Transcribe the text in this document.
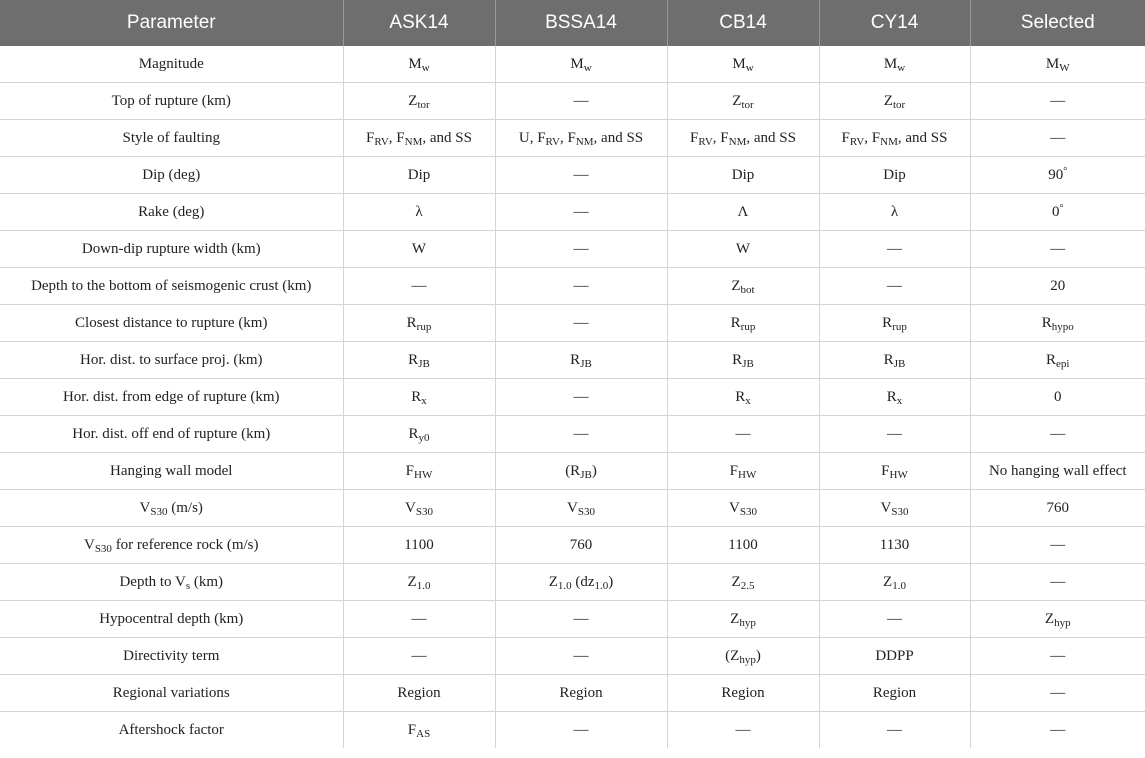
Parameter	ASK14	BSSA14	CB14	CY14	Selected
Magnitude	$M_w$	$M_w$	$M_w$	$M_w$	$M_W$
Top of rupture (km)	$Z_{tor}$	—	$Z_{tor}$	$Z_{tor}$	—
Style of faulting	$F_{RV}$, $F_{NM}$, and SS	U, $F_{RV}$, $F_{NM}$, and SS	$F_{RV}$, $F_{NM}$, and SS	$F_{RV}$, $F_{NM}$, and SS	—
Dip (deg)	Dip	—	Dip	Dip	90°
Rake (deg)	λ	—	Λ	λ	0°
Down-dip rupture width (km)	W	—	W	—	—
Depth to the bottom of seismogenic crust (km)	—	—	$Z_{bot}$	—	20
Closest distance to rupture (km)	$R_{rup}$	—	$R_{rup}$	$R_{rup}$	$R_{hypo}$
Hor. dist. to surface proj. (km)	$R_{JB}$	$R_{JB}$	$R_{JB}$	$R_{JB}$	$R_{epi}$
Hor. dist. from edge of rupture (km)	$R_x$	—	$R_x$	$R_x$	0
Hor. dist. off end of rupture (km)	$R_{y0}$	—	—	—	—
Hanging wall model	$F_{HW}$	$(R_{JB})$	$F_{HW}$	$F_{HW}$	No hanging wall effect
$V_{S30}$ (m/s)	$V_{S30}$	$V_{S30}$	$V_{S30}$	$V_{S30}$	760
$V_{S30}$ for reference rock (m/s)	1100	760	1100	1130	—
Depth to $V_s$ (km)	$Z_{1.0}$	$Z_{1.0}$ $(dz_{1.0})$	$Z_{2.5}$	$Z_{1.0}$	—
Hypocentral depth (km)	—	—	$Z_{hyp}$	—	$Z_{hyp}$
Directivity term	—	—	$(Z_{hyp})$	DDPP	—
Regional variations	Region	Region	Region	Region	—
Aftershock factor	$F_{AS}$	—	—	—	—
